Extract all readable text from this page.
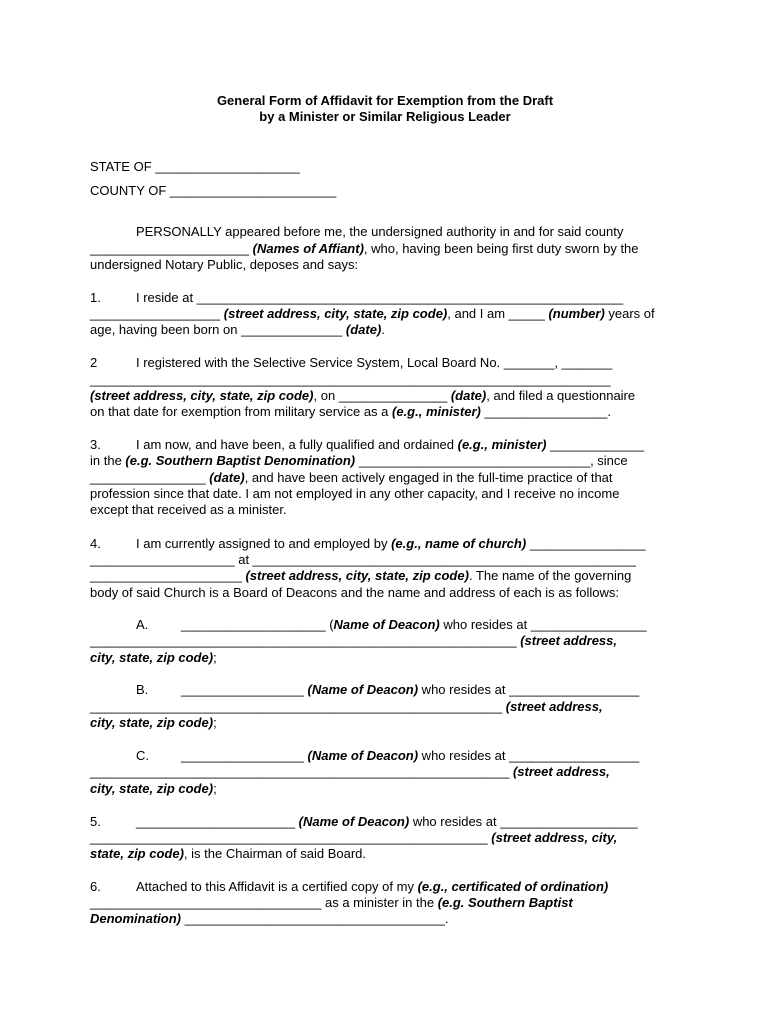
General Form of Affidavit for Exemption from the Draft
by a Minister or Similar Religious Leader
STATE OF ____________________
COUNTY OF _______________________
PERSONALLY appeared before me, the undersigned authority in and for said county
______________________ (Names of Affiant), who, having been being first duty sworn by the
undersigned Notary Public, deposes and says:
1.	I reside at ___________________________________________________________
__________________ (street address, city, state, zip code), and I am _____ (number) years of
age, having been born on ______________ (date).
2	I registered with the Selective Service System, Local Board No. _______, _______
________________________________________________________________________
(street address, city, state, zip code), on _______________ (date), and filed a questionnaire
on that date for exemption from military service as a (e.g., minister) _________________.
3.	I am now, and have been, a fully qualified and ordained (e.g., minister) _____________
in the (e.g. Southern Baptist Denomination) ________________________________, since
________________ (date), and have been actively engaged in the full-time practice of that
profession since that date. I am not employed in any other capacity, and I receive no income
except that received as a minister.
4.	I am currently assigned to and employed by (e.g., name of church) ________________
____________________ at _____________________________________________________
_____________________ (street address, city, state, zip code). The name of the governing
body of said Church is a Board of Deacons and the name and address of each is as follows:
A.	____________________ (Name of Deacon) who resides at ________________
___________________________________________________________ (street address,
city, state, zip code);
B.	_________________ (Name of Deacon) who resides at __________________
_________________________________________________________ (street address,
city, state, zip code);
C. _________________ (Name of Deacon) who resides at __________________
__________________________________________________________ (street address,
city, state, zip code);
5.	______________________ (Name of Deacon) who resides at ___________________
_______________________________________________________ (street address, city,
state, zip code), is the Chairman of said Board.
6.	Attached to this Affidavit is a certified copy of my (e.g., certificated of ordination)
________________________________ as a minister in the (e.g. Southern Baptist
Denomination) ____________________________________.
